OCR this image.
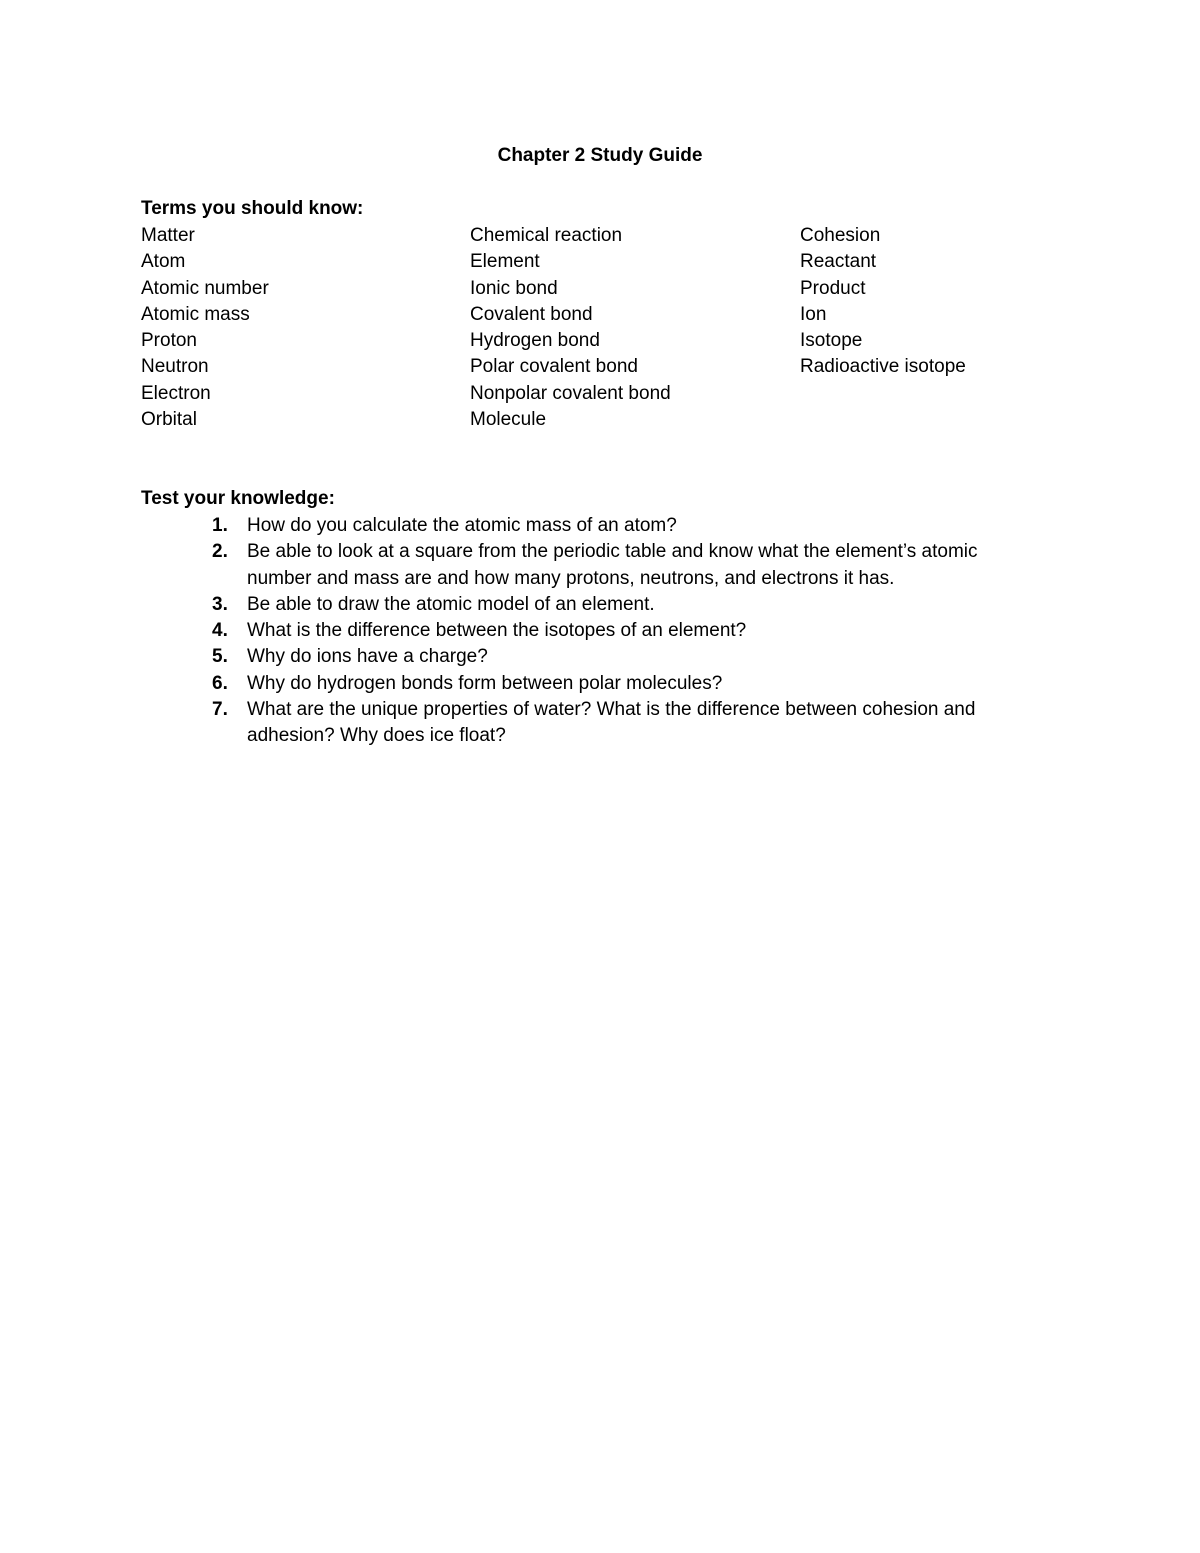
Chapter 2 Study Guide
Terms you should know:
Matter
Atom
Atomic number
Atomic mass
Proton
Neutron
Electron
Orbital
Chemical reaction
Element
Ionic bond
Covalent bond
Hydrogen bond
Polar covalent bond
Nonpolar covalent bond
Molecule
Cohesion
Reactant
Product
Ion
Isotope
Radioactive isotope
Test your knowledge:
1.	How do you calculate the atomic mass of an atom?
2.	Be able to look at a square from the periodic table and know what the element’s atomic number and mass are and how many protons, neutrons, and electrons it has.
3.	Be able to draw the atomic model of an element.
4.	What is the difference between the isotopes of an element?
5.	Why do ions have a charge?
6.	Why do hydrogen bonds form between polar molecules?
7.	What are the unique properties of water? What is the difference between cohesion and adhesion? Why does ice float?
